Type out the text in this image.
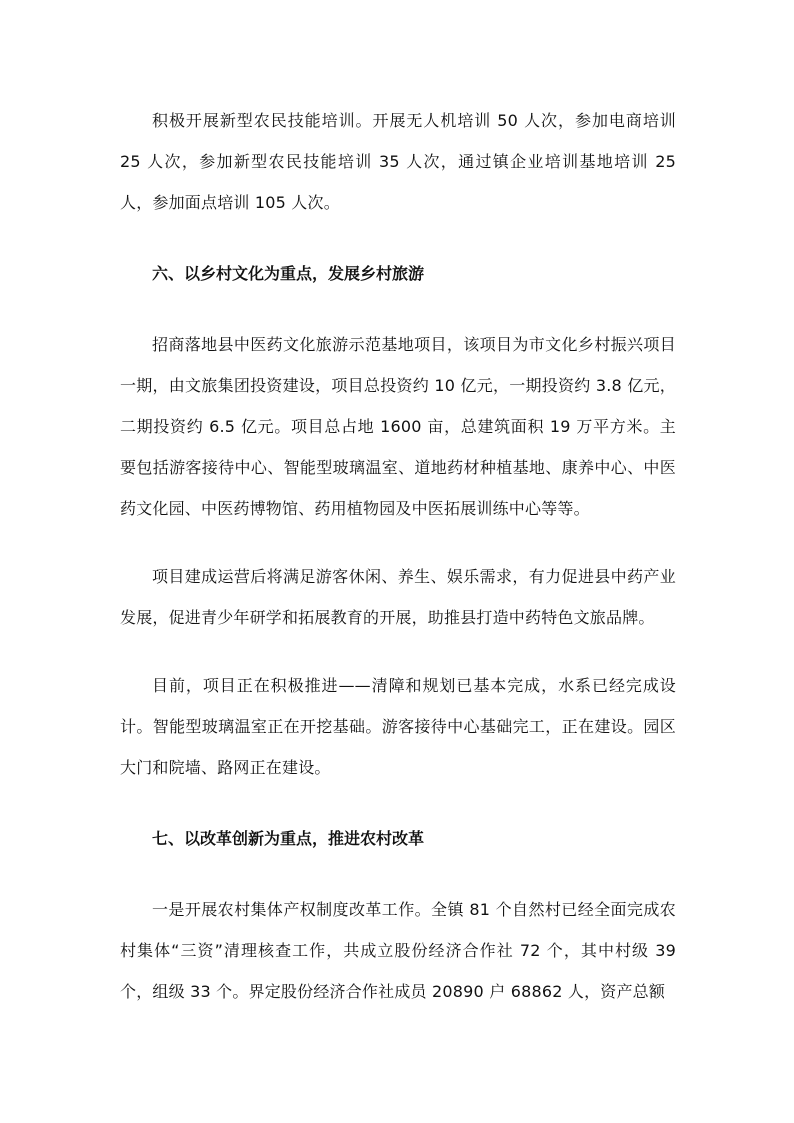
积极开展新型农民技能培训。开展无人机培训 50 人次，参加电商培训 25 人次，参加新型农民技能培训 35 人次，通过镇企业培训基地培训 25 人，参加面点培训 105 人次。

六、以乡村文化为重点，发展乡村旅游

招商落地县中医药文化旅游示范基地项目，该项目为市文化乡村振兴项目一期，由文旅集团投资建设，项目总投资约 10 亿元，一期投资约 3.8 亿元，二期投资约 6.5 亿元。项目总占地 1600 亩，总建筑面积 19 万平方米。主要包括游客接待中心、智能型玻璃温室、道地药材种植基地、康养中心、中医药文化园、中医药博物馆、药用植物园及中医拓展训练中心等等。

项目建成运营后将满足游客休闲、养生、娱乐需求，有力促进县中药产业发展，促进青少年研学和拓展教育的开展，助推县打造中药特色文旅品牌。

目前，项目正在积极推进——清障和规划已基本完成，水系已经完成设计。智能型玻璃温室正在开挖基础。游客接待中心基础完工，正在建设。园区大门和院墙、路网正在建设。

七、以改革创新为重点，推进农村改革

一是开展农村集体产权制度改革工作。全镇 81 个自然村已经全面完成农村集体“三资”清理核查工作，共成立股份经济合作社 72 个，其中村级 39 个，组级 33 个。界定股份经济合作社成员 20890 户 68862 人，资产总额
